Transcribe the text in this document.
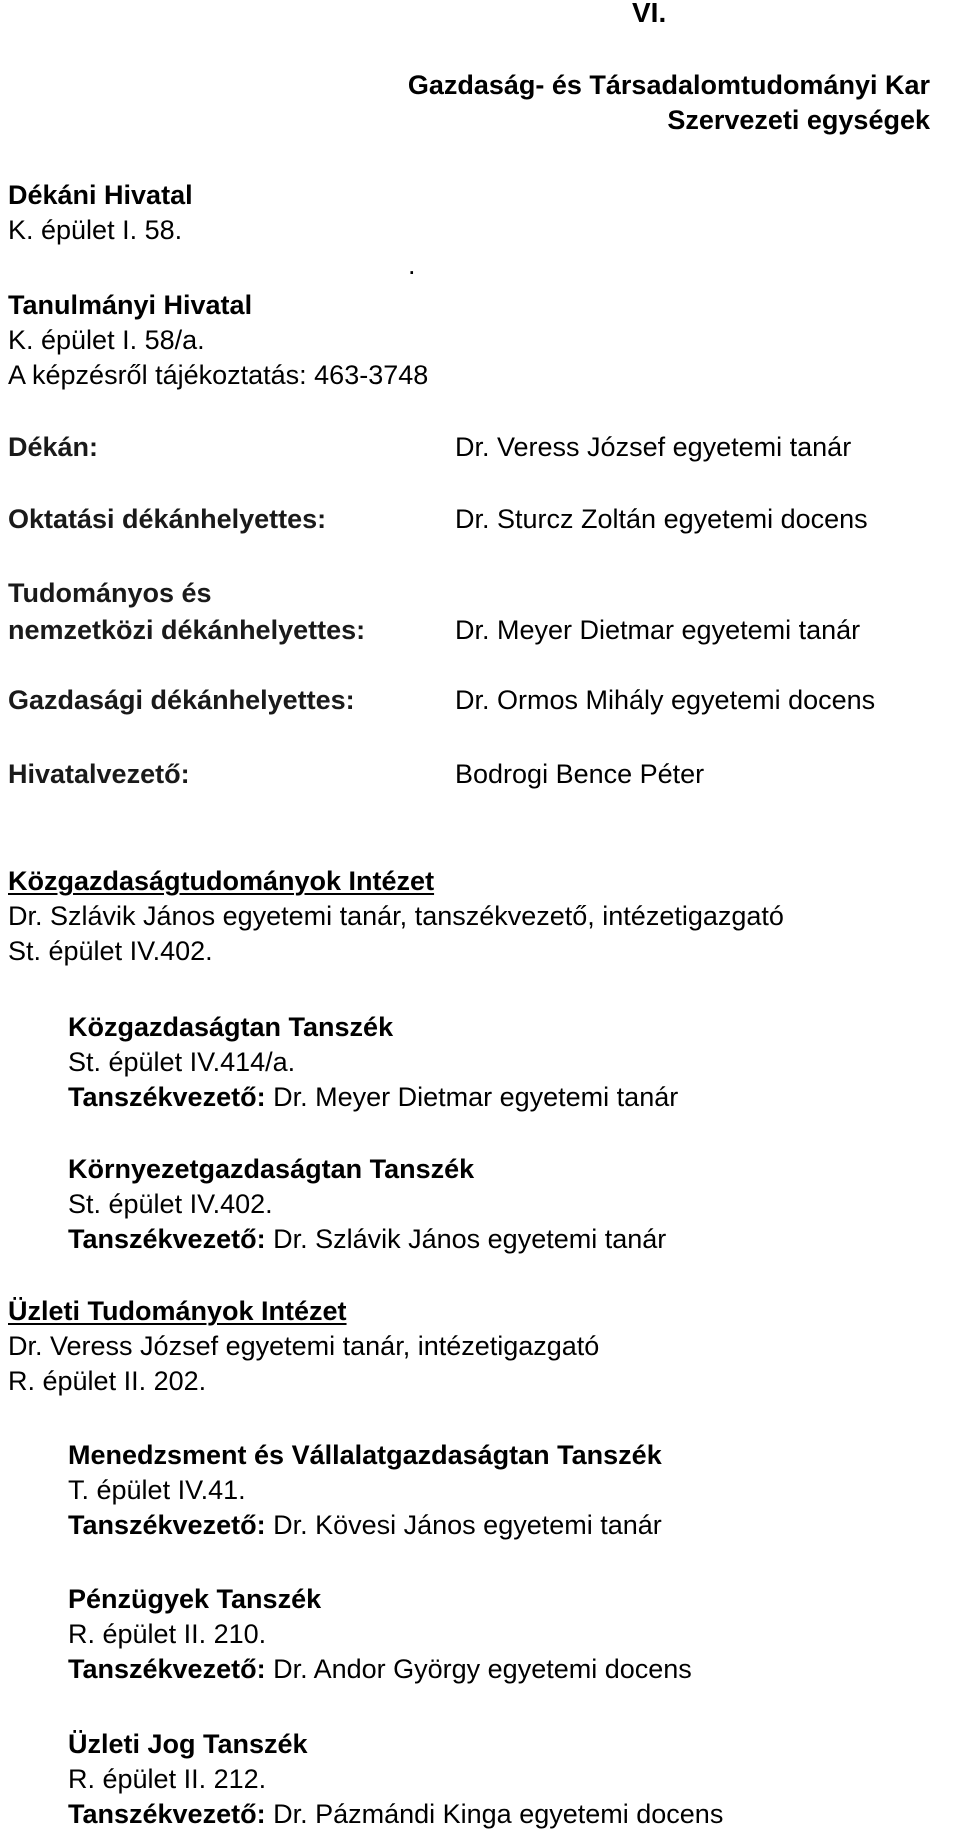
VI.
Gazdaság- és Társadalomtudományi Kar
Szervezeti egységek
Dékáni Hivatal
K. épület I. 58.
.
Tanulmányi Hivatal
K. épület I. 58/a.
A képzésről tájékoztatás: 463-3748
Dékán:	Dr. Veress József egyetemi tanár
Oktatási dékánhelyettes:	Dr. Sturcz Zoltán egyetemi docens
Tudományos és
nemzetközi dékánhelyettes:	Dr. Meyer Dietmar egyetemi tanár
Gazdasági dékánhelyettes:	Dr. Ormos Mihály egyetemi docens
Hivatalvezető:	Bodrogi Bence Péter
Közgazdaságtudományok Intézet
Dr. Szlávik János egyetemi tanár, tanszékvezető, intézetigazgató
St. épület IV.402.
Közgazdaságtan Tanszék
St. épület IV.414/a.
Tanszékvezető: Dr. Meyer Dietmar egyetemi tanár
Környezetgazdaságtan Tanszék
St. épület IV.402.
Tanszékvezető: Dr. Szlávik János egyetemi tanár
Üzleti Tudományok Intézet
Dr. Veress József egyetemi tanár, intézetigazgató
R. épület II. 202.
Menedzsment és Vállalatgazdaságtan Tanszék
T. épület IV.41.
Tanszékvezető: Dr. Kövesi János egyetemi tanár
Pénzügyek Tanszék
R. épület II. 210.
Tanszékvezető: Dr. Andor György egyetemi docens
Üzleti Jog Tanszék
R. épület II. 212.
Tanszékvezető: Dr. Pázmándi Kinga egyetemi docens
